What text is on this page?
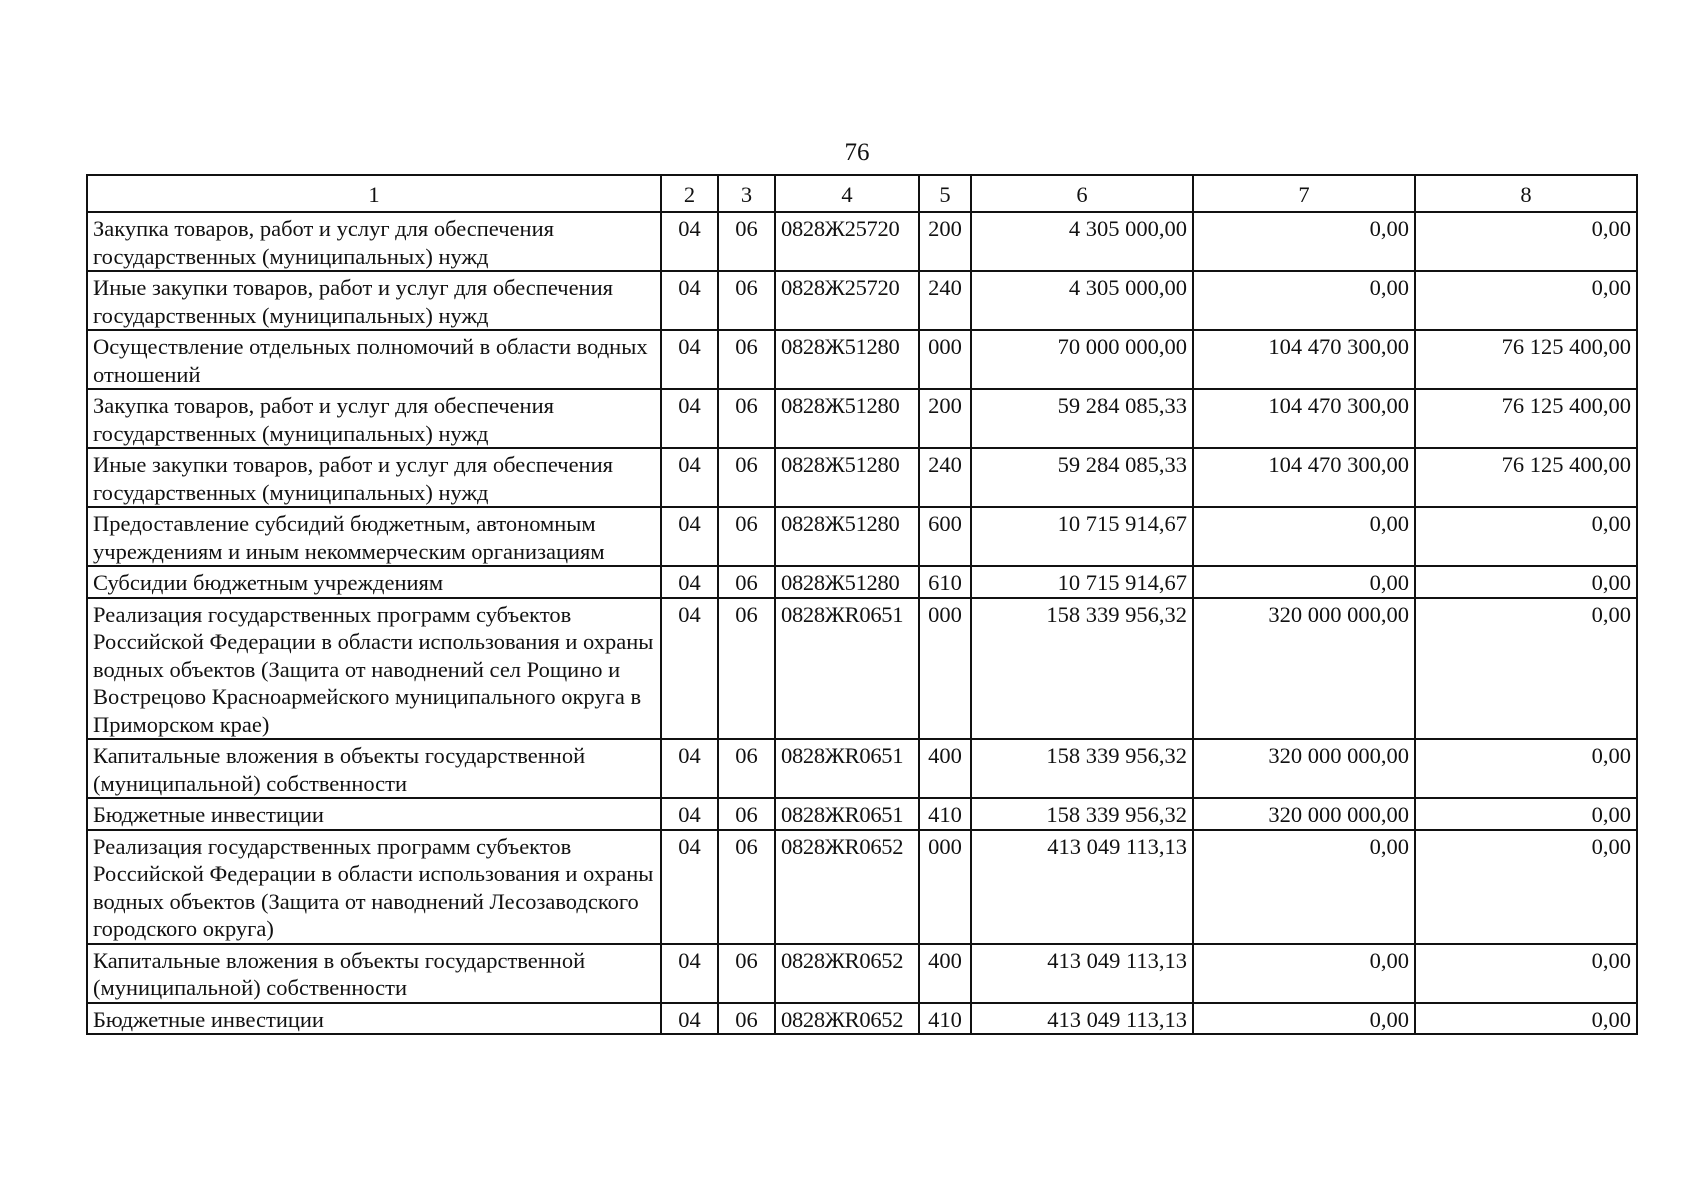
76
1	2	3	4	5	6	7	8
Закупка товаров, работ и услуг для обеспечения государственных (муниципальных) нужд	04	06	0828Ж25720	200	4 305 000,00	0,00	0,00
Иные закупки товаров, работ и услуг для обеспечения государственных (муниципальных) нужд	04	06	0828Ж25720	240	4 305 000,00	0,00	0,00
Осуществление отдельных полномочий в области водных отношений	04	06	0828Ж51280	000	70 000 000,00	104 470 300,00	76 125 400,00
Закупка товаров, работ и услуг для обеспечения государственных (муниципальных) нужд	04	06	0828Ж51280	200	59 284 085,33	104 470 300,00	76 125 400,00
Иные закупки товаров, работ и услуг для обеспечения государственных (муниципальных) нужд	04	06	0828Ж51280	240	59 284 085,33	104 470 300,00	76 125 400,00
Предоставление субсидий бюджетным, автономным учреждениям и иным некоммерческим организациям	04	06	0828Ж51280	600	10 715 914,67	0,00	0,00
Субсидии бюджетным учреждениям	04	06	0828Ж51280	610	10 715 914,67	0,00	0,00
Реализация государственных программ субъектов Российской Федерации в области использования и охраны водных объектов (Защита от наводнений сел Рощино и Вострецово Красноармейского муниципального округа в Приморском крае)	04	06	0828ЖR0651	000	158 339 956,32	320 000 000,00	0,00
Капитальные вложения в объекты государственной (муниципальной) собственности	04	06	0828ЖR0651	400	158 339 956,32	320 000 000,00	0,00
Бюджетные инвестиции	04	06	0828ЖR0651	410	158 339 956,32	320 000 000,00	0,00
Реализация государственных программ субъектов Российской Федерации в области использования и охраны водных объектов (Защита от наводнений Лесозаводского городского округа)	04	06	0828ЖR0652	000	413 049 113,13	0,00	0,00
Капитальные вложения в объекты государственной (муниципальной) собственности	04	06	0828ЖR0652	400	413 049 113,13	0,00	0,00
Бюджетные инвестиции	04	06	0828ЖR0652	410	413 049 113,13	0,00	0,00
